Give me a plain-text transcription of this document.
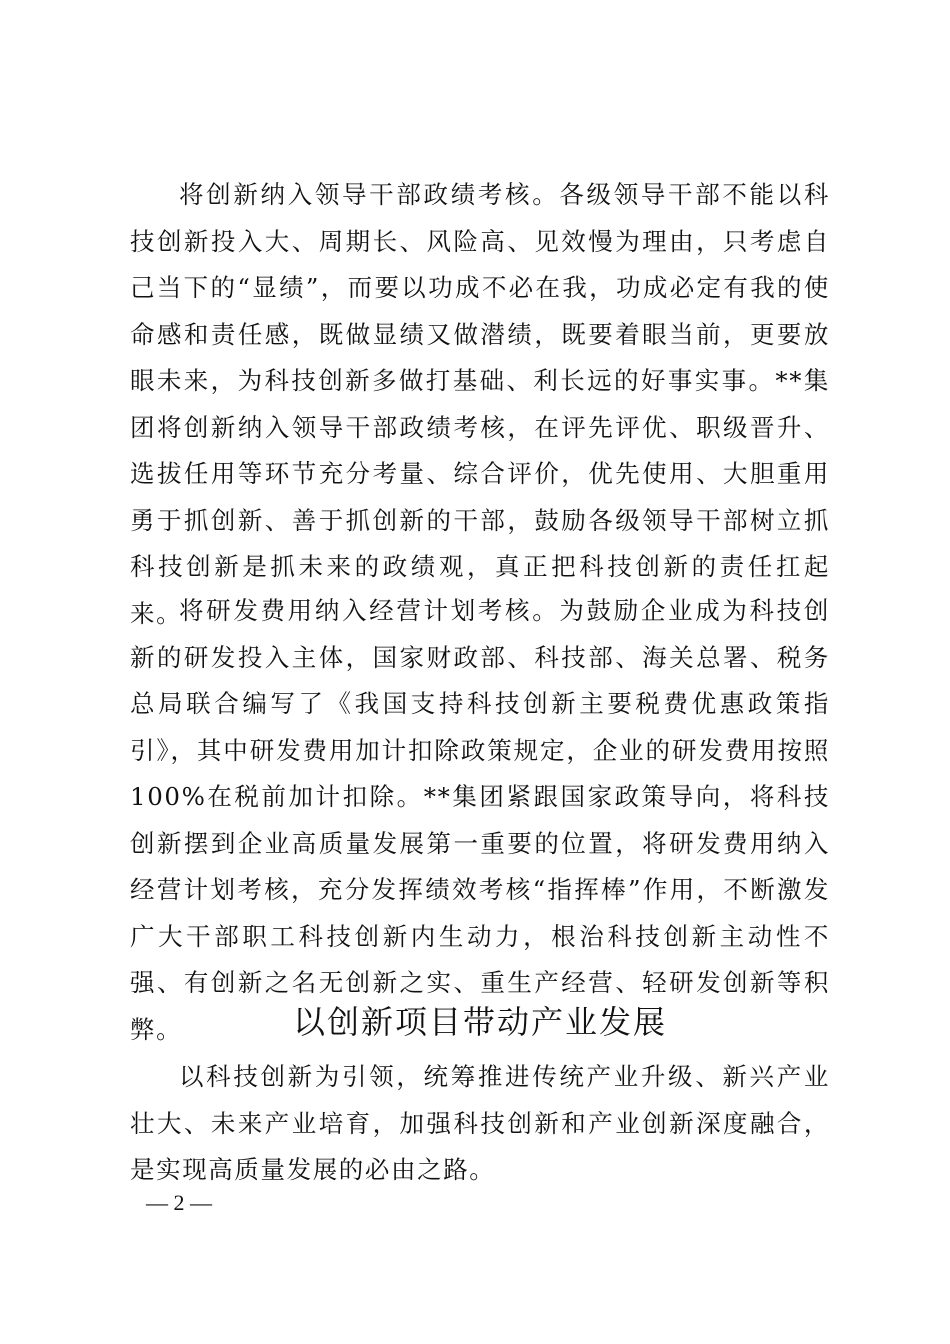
将创新纳入领导干部政绩考核。各级领导干部不能以科技创新投入大、周期长、风险高、见效慢为理由，只考虑自己当下的“显绩”，而要以功成不必在我，功成必定有我的使命感和责任感，既做显绩又做潜绩，既要着眼当前，更要放眼未来，为科技创新多做打基础、利长远的好事实事。**集团将创新纳入领导干部政绩考核，在评先评优、职级晋升、选拔任用等环节充分考量、综合评价，优先使用、大胆重用勇于抓创新、善于抓创新的干部，鼓励各级领导干部树立抓科技创新是抓未来的政绩观，真正把科技创新的责任扛起来。

将研发费用纳入经营计划考核。为鼓励企业成为科技创新的研发投入主体，国家财政部、科技部、海关总署、税务总局联合编写了《我国支持科技创新主要税费优惠政策指引》，其中研发费用加计扣除政策规定，企业的研发费用按照100%在税前加计扣除。**集团紧跟国家政策导向，将科技创新摆到企业高质量发展第一重要的位置，将研发费用纳入经营计划考核，充分发挥绩效考核“指挥棒”作用，不断激发广大干部职工科技创新内生动力，根治科技创新主动性不强、有创新之名无创新之实、重生产经营、轻研发创新等积弊。	以创新项目带动产业发展

以科技创新为引领，统筹推进传统产业升级、新兴产业壮大、未来产业培育，加强科技创新和产业创新深度融合，是实现高质量发展的必由之路。

— 2 —
